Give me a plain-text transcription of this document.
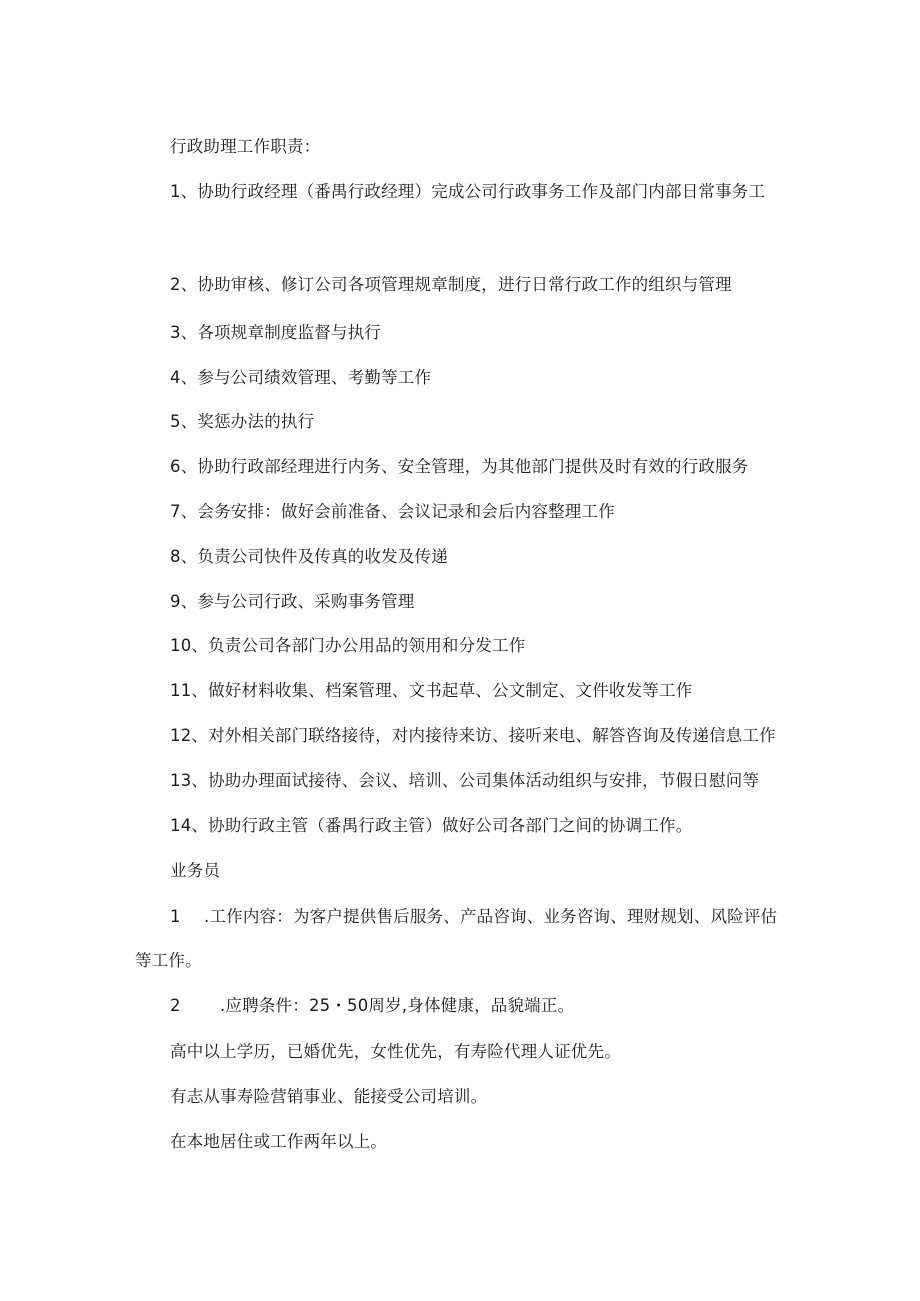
行政助理工作职责：
1、协助行政经理（番禺行政经理）完成公司行政事务工作及部门内部日常事务工
2、协助审核、修订公司各项管理规章制度，进行日常行政工作的组织与管理
3、各项规章制度监督与执行
4、参与公司绩效管理、考勤等工作
5、奖惩办法的执行
6、协助行政部经理进行内务、安全管理，为其他部门提供及时有效的行政服务
7、会务安排：做好会前准备、会议记录和会后内容整理工作
8、负责公司快件及传真的收发及传递
9、参与公司行政、采购事务管理
10、负责公司各部门办公用品的领用和分发工作
11、做好材料收集、档案管理、文书起草、公文制定、文件收发等工作
12、对外相关部门联络接待，对内接待来访、接听来电、解答咨询及传递信息工作
13、协助办理面试接待、会议、培训、公司集体活动组织与安排，节假日慰问等
14、协助行政主管（番禺行政主管）做好公司各部门之间的协调工作。
业务员
1 .工作内容：为客户提供售后服务、产品咨询、业务咨询、理财规划、风险评估
等工作。
2 .应聘条件：25・50周岁,身体健康，品貌端正。
高中以上学历，已婚优先，女性优先，有寿险代理人证优先。
有志从事寿险营销事业、能接受公司培训。
在本地居住或工作两年以上。
